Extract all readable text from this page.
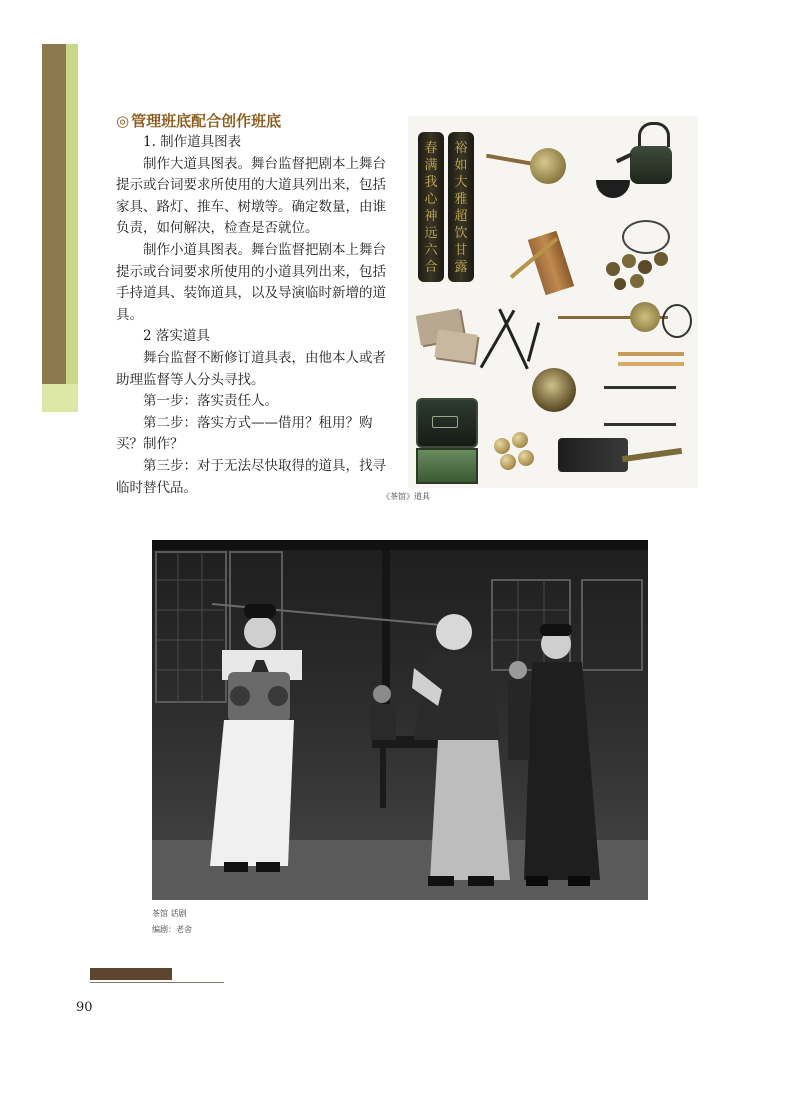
◎ 管理班底配合创作班底

1. 制作道具图表

制作大道具图表。舞台监督把剧本上舞台提示或台词要求所使用的大道具列出来，包括家具、路灯、推车、树墩等。确定数量，由谁负责，如何解决，检查是否就位。

制作小道具图表。舞台监督把剧本上舞台提示或台词要求所使用的小道具列出来，包括手持道具、装饰道具，以及导演临时新增的道具。

2 落实道具

舞台监督不断修订道具表，由他本人或者助理监督等人分头寻找。

第一步：落实责任人。

第二步：落实方式——借用？租用？购买？制作？

第三步：对于无法尽快取得的道具，找寻临时替代品。

春满我心神远六合
裕如大雅超饮甘露
《茶馆》道具

茶馆 话剧

编剧：老舍

90
